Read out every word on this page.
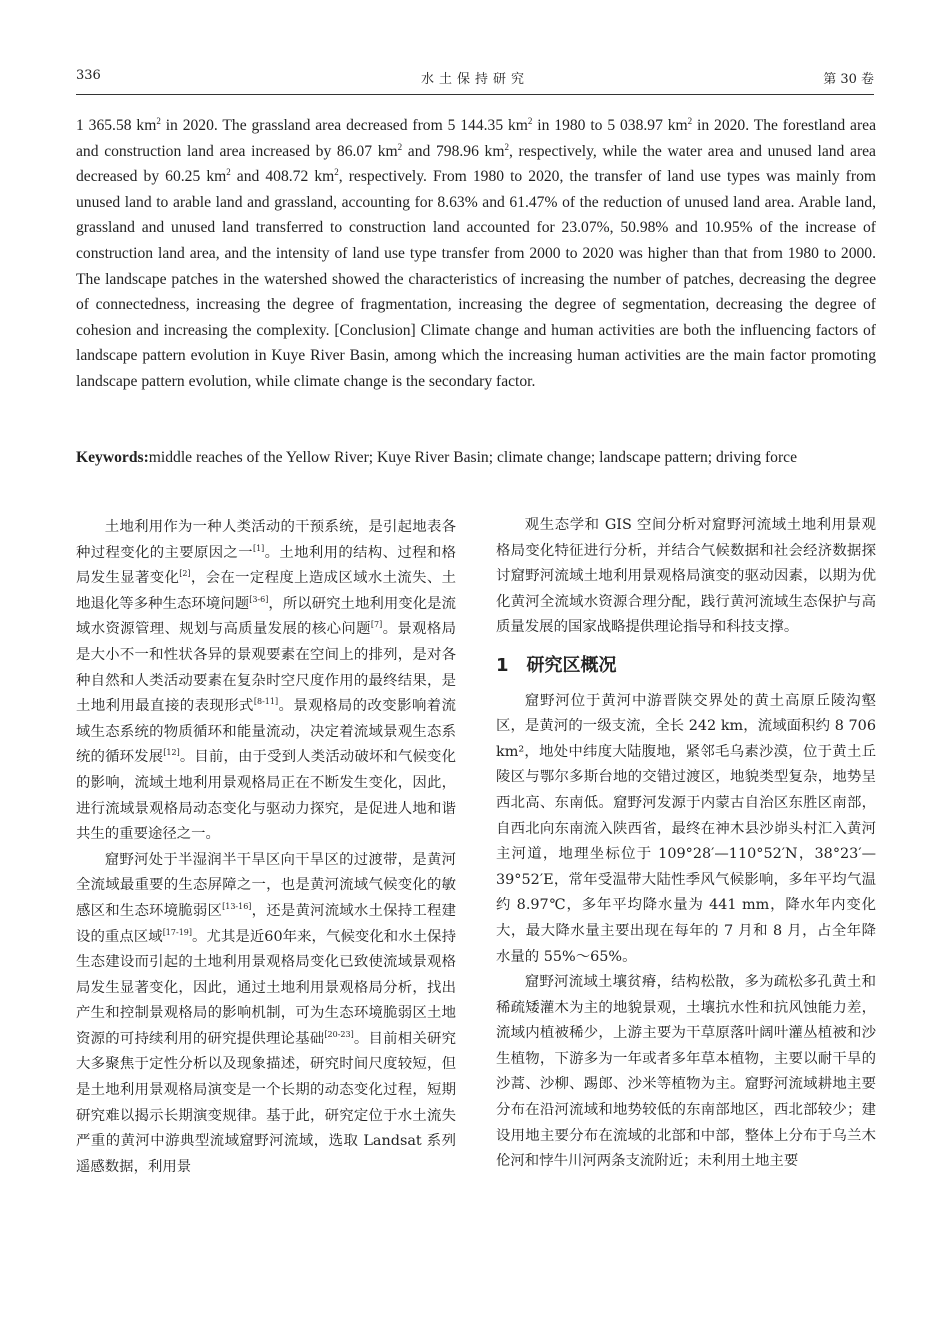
336	水土保持研究	第 30 卷
1 365.58 $km^2$ in 2020. The grassland area decreased from 5 144.35 $km^2$ in 1980 to 5 038.97 $km^2$ in 2020. The forestland area and construction land area increased by 86.07 $km^2$ and 798.96 $km^2$, respectively, while the water area and unused land area decreased by 60.25 $km^2$ and 408.72 $km^2$, respectively. From 1980 to 2020, the transfer of land use types was mainly from unused land to arable land and grassland, accounting for 8.63% and 61.47% of the reduction of unused land area. Arable land, grassland and unused land transferred to construction land accounted for 23.07%, 50.98% and 10.95% of the increase of construction land area, and the intensity of land use type transfer from 2000 to 2020 was higher than that from 1980 to 2000. The landscape patches in the watershed showed the characteristics of increasing the number of patches, decreasing the degree of connectedness, increasing the degree of fragmentation, increasing the degree of segmentation, decreasing the degree of cohesion and increasing the complexity. [Conclusion] Climate change and human activities are both the influencing factors of landscape pattern evolution in Kuye River Basin, among which the increasing human activities are the main factor promoting landscape pattern evolution, while climate change is the secondary factor.
Keywords: middle reaches of the Yellow River; Kuye River Basin; climate change; landscape pattern; driving force

土地利用作为一种人类活动的干预系统，是引起地表各种过程变化的主要原因之一[1]。土地利用的结构、过程和格局发生显著变化[2]，会在一定程度上造成区域水土流失、土地退化等多种生态环境问题[3-6]，所以研究土地利用变化是流域水资源管理、规划与高质量发展的核心问题[7]。景观格局是大小不一和性状各异的景观要素在空间上的排列，是对各种自然和人类活动要素在复杂时空尺度作用的最终结果，是土地利用最直接的表现形式[8-11]。景观格局的改变影响着流域生态系统的物质循环和能量流动，决定着流域景观生态系统的循环发展[12]。目前，由于受到人类活动破坏和气候变化的影响，流域土地利用景观格局正在不断发生变化，因此，进行流域景观格局动态变化与驱动力探究，是促进人地和谐共生的重要途径之一。

窟野河处于半湿润半干旱区向干旱区的过渡带，是黄河全流域最重要的生态屏障之一，也是黄河流域气候变化的敏感区和生态环境脆弱区[13-16]，还是黄河流域水土保持工程建设的重点区域[17-19]。尤其是近60年来，气候变化和水土保持生态建设而引起的土地利用景观格局变化已致使流域景观格局发生显著变化，因此，通过土地利用景观格局分析，找出产生和控制景观格局的影响机制，可为生态环境脆弱区土地资源的可持续利用的研究提供理论基础[20-23]。目前相关研究大多聚焦于定性分析以及现象描述，研究时间尺度较短，但是土地利用景观格局演变是一个长期的动态变化过程，短期研究难以揭示长期演变规律。基于此，研究定位于水土流失严重的黄河中游典型流域窟野河流域，选取 Landsat 系列遥感数据，利用景

观生态学和 GIS 空间分析对窟野河流域土地利用景观格局变化特征进行分析，并结合气候数据和社会经济数据探讨窟野河流域土地利用景观格局演变的驱动因素，以期为优化黄河全流域水资源合理分配，践行黄河流域生态保护与高质量发展的国家战略提供理论指导和科技支撑。

1 研究区概况

窟野河位于黄河中游晋陕交界处的黄土高原丘陵沟壑区，是黄河的一级支流，全长 242 km，流域面积约 8 706 km²，地处中纬度大陆腹地，紧邻毛乌素沙漠，位于黄土丘陵区与鄂尔多斯台地的交错过渡区，地貌类型复杂，地势呈西北高、东南低。窟野河发源于内蒙古自治区东胜区南部，自西北向东南流入陕西省，最终在神木县沙峁头村汇入黄河主河道，地理坐标位于 109°28′—110°52′N，38°23′—39°52′E，常年受温带大陆性季风气候影响，多年平均气温约 8.97℃，多年平均降水量为 441 mm，降水年内变化大，最大降水量主要出现在每年的 7 月和 8 月，占全年降水量的 55%～65%。

窟野河流域土壤贫瘠，结构松散，多为疏松多孔黄土和稀疏矮灌木为主的地貌景观，土壤抗水性和抗风蚀能力差，流域内植被稀少，上游主要为干草原落叶阔叶灌丛植被和沙生植物，下游多为一年或者多年草本植物，主要以耐干旱的沙蒿、沙柳、踢郎、沙米等植物为主。窟野河流域耕地主要分布在沿河流域和地势较低的东南部地区，西北部较少；建设用地主要分布在流域的北部和中部，整体上分布于乌兰木伦河和悖牛川河两条支流附近；未利用土地主要
